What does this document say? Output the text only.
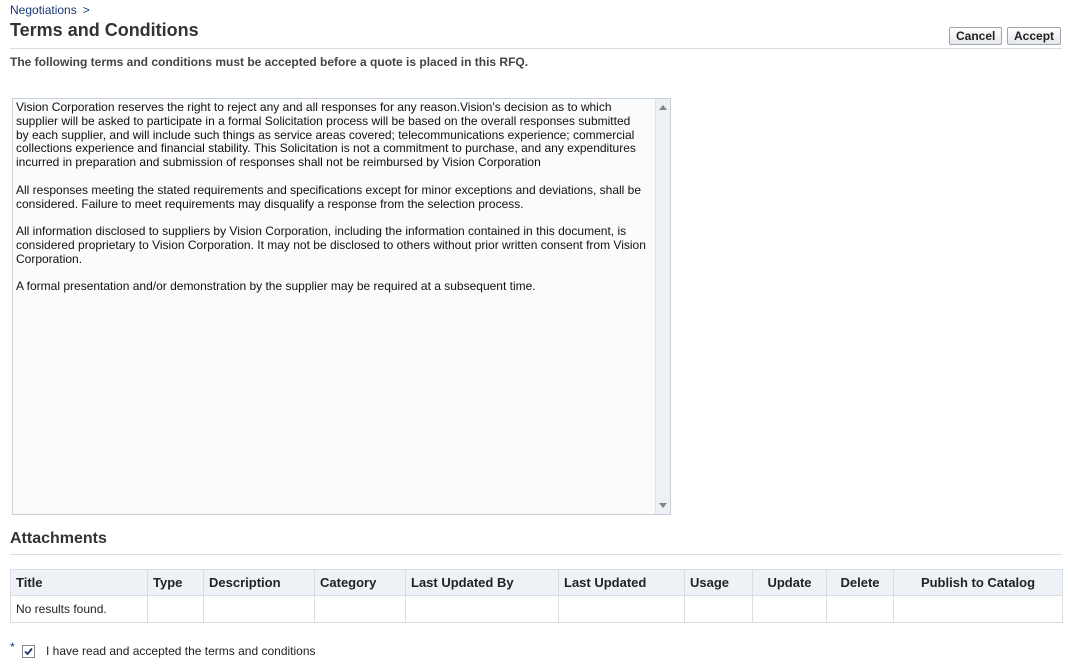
Negotiations >
Terms and Conditions	Cancel	Accept
The following terms and conditions must be accepted before a quote is placed in this RFQ.

Vision Corporation reserves the right to reject any and all responses for any reason.Vision's decision as to which supplier will be asked to participate in a formal Solicitation process will be based on the overall responses submitted by each supplier, and will include such things as service areas covered; telecommunications experience; commercial collections experience and financial stability. This Solicitation is not a commitment to purchase, and any expenditures incurred in preparation and submission of responses shall not be reimbursed by Vision Corporation

All responses meeting the stated requirements and specifications except for minor exceptions and deviations, shall be considered. Failure to meet requirements may disqualify a response from the selection process.

All information disclosed to suppliers by Vision Corporation, including the information contained in this document, is considered proprietary to Vision Corporation. It may not be disclosed to others without prior written consent from Vision Corporation.

A formal presentation and/or demonstration by the supplier may be required at a subsequent time.

Attachments
Title	Type	Description	Category	Last Updated By	Last Updated	Usage	Update	Delete	Publish to Catalog
No results found.									
*	I have read and accepted the terms and conditions
